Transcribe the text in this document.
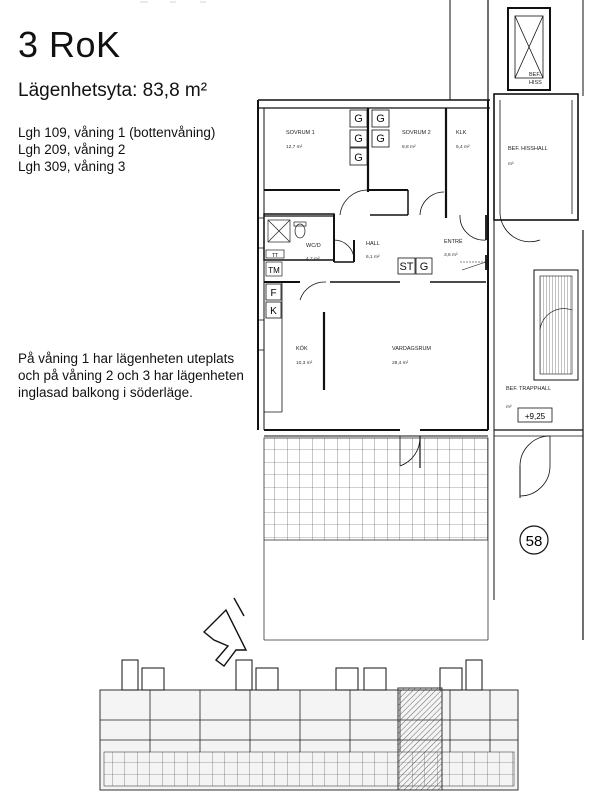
3 RoK
Lägenhetsyta: 83,8 m²
Lgh 109, våning 1 (bottenvåning)
Lgh 209, våning 2
Lgh 309, våning 3
På våning 1 har lägenheten uteplats och på våning 2 och 3 har lägenheten inglasad balkong i söderläge.
G
G
G
G
G
ST G
TM
TT
F
K
SOVRUM 1
12,7 m²
SOVRUM 2
8,8 m²
KLK
5,4 m²
WC/D
4,2 m²
HALL
6,1 m²
ENTRÉ
3,6 m²
KÖK
10,3 m²
VARDAGSRUM
28,4 m²
BEF.
HISS
BEF. HISSHALL
m²
BEF. TRAPPHALL
m²
+9,25
58
